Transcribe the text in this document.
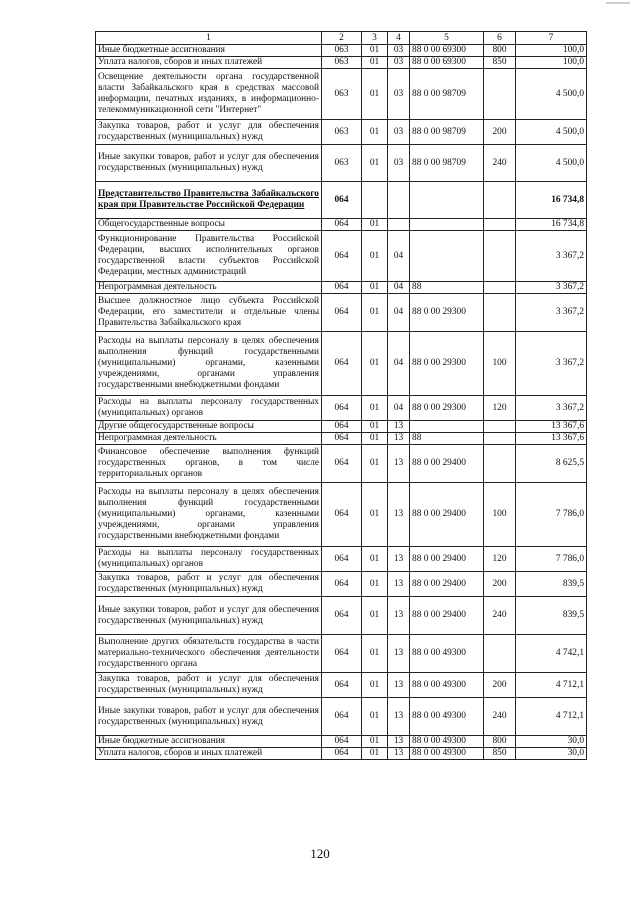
1	2	3	4	5	6	7
Иные бюджетные ассигнования	063	01	03	88 0 00 69300	800	100,0
Уплата налогов, сборов и иных платежей	063	01	03	88 0 00 69300	850	100,0
Освещение деятельности органа государственной власти Забайкальского края в средствах массовой информации, печатных изданиях, в информационно-телекоммуникационной сети "Интернет"	063	01	03	88 0 00 98709		4 500,0
Закупка товаров, работ и услуг для обеспечения государственных (муниципальных) нужд	063	01	03	88 0 00 98709	200	4 500,0
Иные закупки товаров, работ и услуг для обеспечения государственных (муниципальных) нужд	063	01	03	88 0 00 98709	240	4 500,0
Представительство Правительства Забайкальского края при Правительстве Российской Федерации	064					16 734,8
Общегосударственные вопросы	064	01				16 734,8
Функционирование Правительства Российской Федерации, высших исполнительных органов государственной власти субъектов Российской Федерации, местных администраций	064	01	04			3 367,2
Непрограммная деятельность	064	01	04	88		3 367,2
Высшее должностное лицо субъекта Российской Федерации, его заместители и отдельные члены Правительства Забайкальского края	064	01	04	88 0 00 29300		3 367,2
Расходы на выплаты персоналу в целях обеспечения выполнения функций государственными (муниципальными) органами, казенными учреждениями, органами управления государственными внебюджетными фондами	064	01	04	88 0 00 29300	100	3 367,2
Расходы на выплаты персоналу государственных (муниципальных) органов	064	01	04	88 0 00 29300	120	3 367,2
Другие общегосударственные вопросы	064	01	13			13 367,6
Непрограммная деятельность	064	01	13	88		13 367,6
Финансовое обеспечение выполнения функций государственных органов, в том числе территориальных органов	064	01	13	88 0 00 29400		8 625,5
Расходы на выплаты персоналу в целях обеспечения выполнения функций государственными (муниципальными) органами, казенными учреждениями, органами управления государственными внебюджетными фондами	064	01	13	88 0 00 29400	100	7 786,0
Расходы на выплаты персоналу государственных (муниципальных) органов	064	01	13	88 0 00 29400	120	7 786,0
Закупка товаров, работ и услуг для обеспечения государственных (муниципальных) нужд	064	01	13	88 0 00 29400	200	839,5
Иные закупки товаров, работ и услуг для обеспечения государственных (муниципальных) нужд	064	01	13	88 0 00 29400	240	839,5
Выполнение других обязательств государства в части материально-технического обеспечения деятельности государственного органа	064	01	13	88 0 00 49300		4 742,1
Закупка товаров, работ и услуг для обеспечения государственных (муниципальных) нужд	064	01	13	88 0 00 49300	200	4 712,1
Иные закупки товаров, работ и услуг для обеспечения государственных (муниципальных) нужд	064	01	13	88 0 00 49300	240	4 712,1
Иные бюджетные ассигнования	064	01	13	88 0 00 49300	800	30,0
Уплата налогов, сборов и иных платежей	064	01	13	88 0 00 49300	850	30,0
120
